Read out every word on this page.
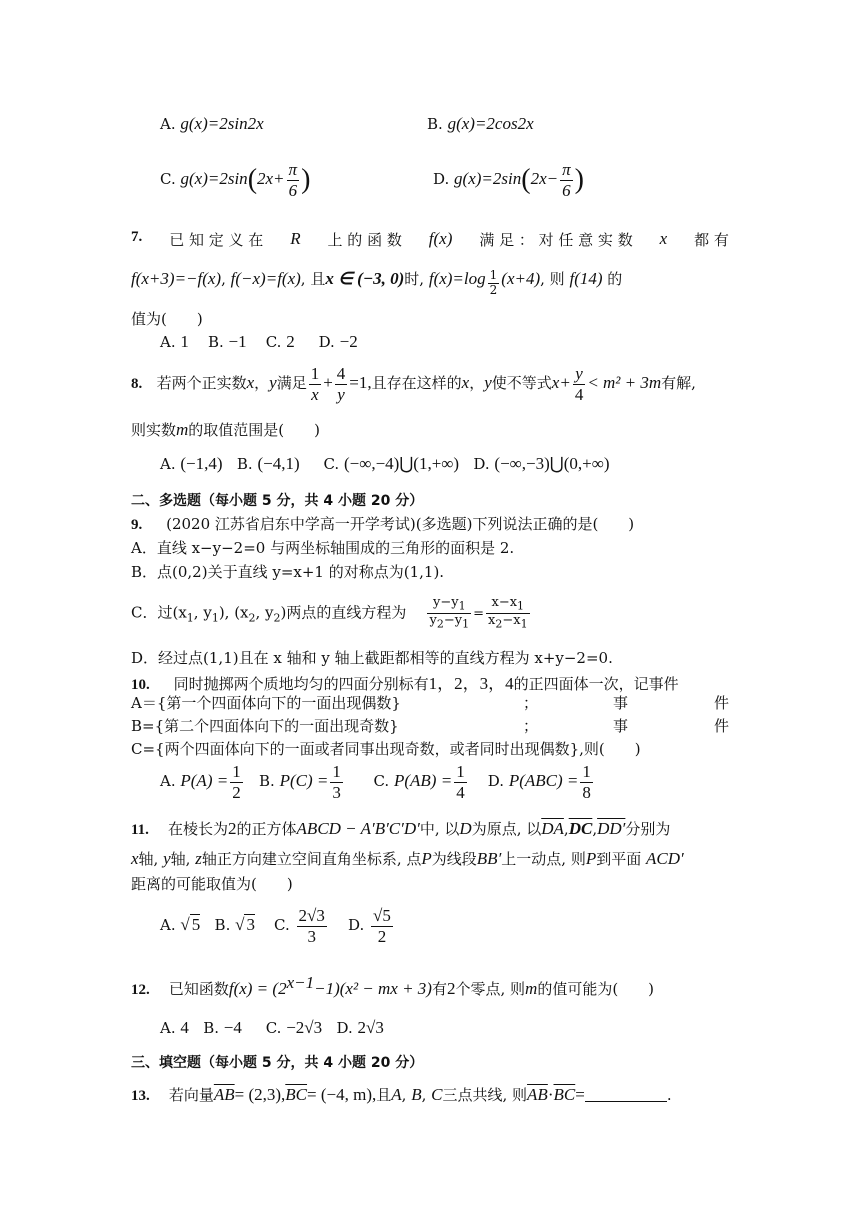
A. g(x)=2sin2x	B. g(x)=2cos2x
C. $g(x)=2\sin(2x+ \frac{\pi}{6}$ )	D. $g(x)=2\sin(2x- \frac{\pi}{6}$ )
7. 已 知 定 义 在 R 上 的 函 数 f(x) 满 足 ： 对 任 意 实 数 x 都 有
f(x+3)=−f(x), f(−x)=f(x), 且x ∈ (−3, 0)时, $f(x)=\log \frac{1}{2} (x+4)$, 则 f(14) 的
值为(　　)
A. 1 B. −1 C. 2 D. −2
8. 若两个正实数x，y满足 $\frac{1}{x} + \frac{4}{y} =1$,且存在这样的x，y使不等式$x+ \frac{y}{4} < m^2 + 3m$有解,
则实数m的取值范围是(　　)
A. (−1,4) B. (−4,1) C. (−∞,−4)⋃(1,+∞) D. (−∞,−3)⋃(0,+∞)
二、多选题（每小题 5 分，共 4 小题 20 分）
9. (2020 江苏省启东中学高一开学考试)(多选题)下列说法正确的是(　　)
A．直线 x−y−2=0 与两坐标轴围成的三角形的面积是 2.
B．点(0,2)关于直线 y=x+1 的对称点为(1,1).
C．过($x_1$, $y_1$), ($x_2$, $y_2$)两点的直线方程为 $\frac{y-y_1}{y_2-y_1} = \frac{x-x_1}{x_2-x_1}$
D．经过点(1,1)且在 x 轴和 y 轴上截距都相等的直线方程为 x+y−2=0.
10. 同时抛掷两个质地均匀的四面分别标有1，2，3，4的正四面体一次，记事件
A＝{第一个四面体向下的一面出现偶数}	；	事	件
B={第二个四面体向下的一面出现奇数}	；	事	件
C={两个四面体向下的一面或者同事出现奇数，或者同时出现偶数},则(　　)
A. $P(A) = \frac{1}{2} B$. $P(C) = \frac{1}{3} C$. $P(AB) = \frac{1}{4} D$. $P(ABC) = \frac{1}{8}$
11. 在棱长为2的正方体ABCD − A′B′C′D′中, 以D为原点, 以$\overline{DA},\overline{DC},DD'$分别为
x轴, y轴, z轴正方向建立空间直角坐标系, 点P为线段BB′上一动点, 则P到平面 ACD′
距离的可能取值为(　　)
A. √ 5 B. √ 3 C. $\frac{2√3}{3} D$. $\frac{√5}{2}$
12. 已知函数$f(x) = (2^{x-1}-1)(x^2$ − mx + 3)有2个零点, 则m的值可能为(　　)
A. 4 B. −4 C. −2√3 D. 2√3
三、填空题（每小题 5 分，共 4 小题 20 分）
13. 若向量$\overline{AB}= (2,3),\overline{BC}= (-4$, m),且A, B, C三点共线, 则$\overline{AB}\cdot\overline{BC}=$	.
